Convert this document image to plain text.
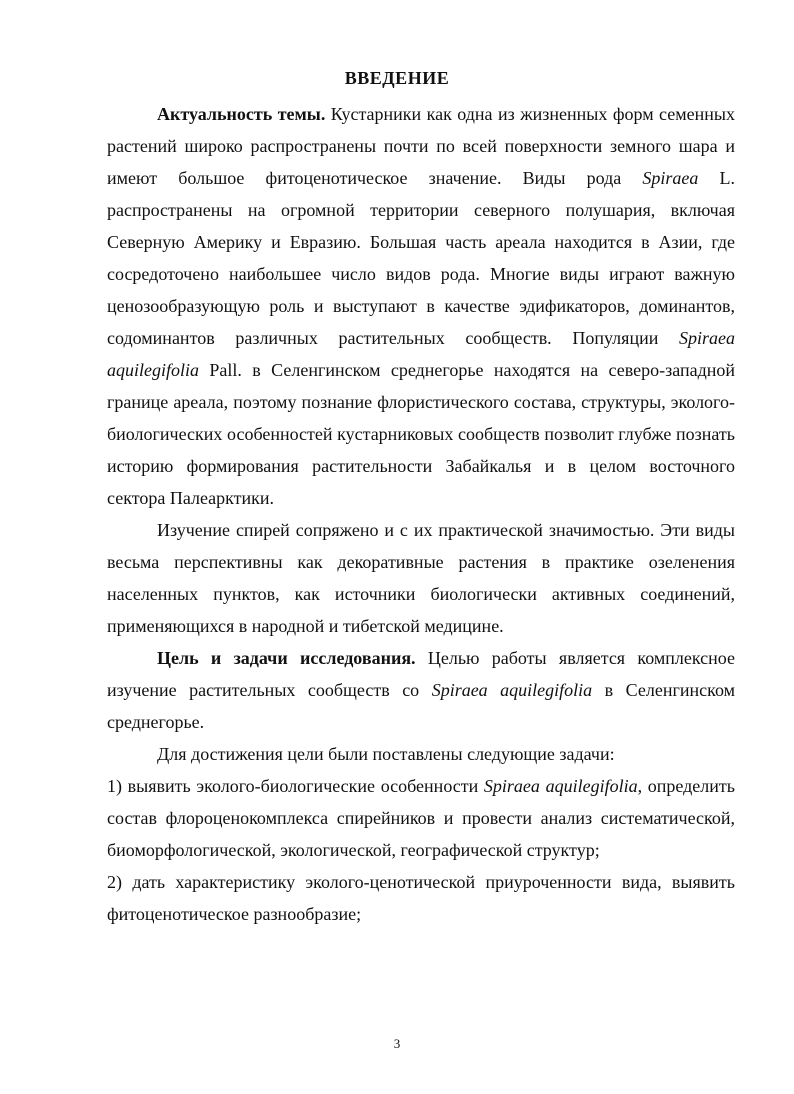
ВВЕДЕНИЕ

Актуальность темы. Кустарники как одна из жизненных форм семенных растений широко распространены почти по всей поверхности земного шара и имеют большое фитоценотическое значение. Виды рода Spiraea L. распространены на огромной территории северного полушария, включая Северную Америку и Евразию. Большая часть ареала находится в Азии, где сосредоточено наибольшее число видов рода. Многие виды играют важную ценозообразующую роль и выступают в качестве эдификаторов, доминантов, содоминантов различных растительных сообществ. Популяции Spiraea aquilegifolia Pall. в Селенгинском среднегорье находятся на северо-западной границе ареала, поэтому познание флористического состава, структуры, эколого-биологических особенностей кустарниковых сообществ позволит глубже познать историю формирования растительности Забайкалья и в целом восточного сектора Палеарктики.

Изучение спирей сопряжено и с их практической значимостью. Эти виды весьма перспективны как декоративные растения в практике озеленения населенных пунктов, как источники биологически активных соединений, применяющихся в народной и тибетской медицине.

Цель и задачи исследования. Целью работы является комплексное изучение растительных сообществ со Spiraea aquilegifolia в Селенгинском среднегорье.

Для достижения цели были поставлены следующие задачи:

1) выявить эколого-биологические особенности Spiraea aquilegifolia, определить состав флороценокомплекса спирейников и провести анализ систематической, биоморфологической, экологической, географической структур;

2) дать характеристику эколого-ценотической приуроченности вида, выявить фитоценотическое разнообразие;

3
